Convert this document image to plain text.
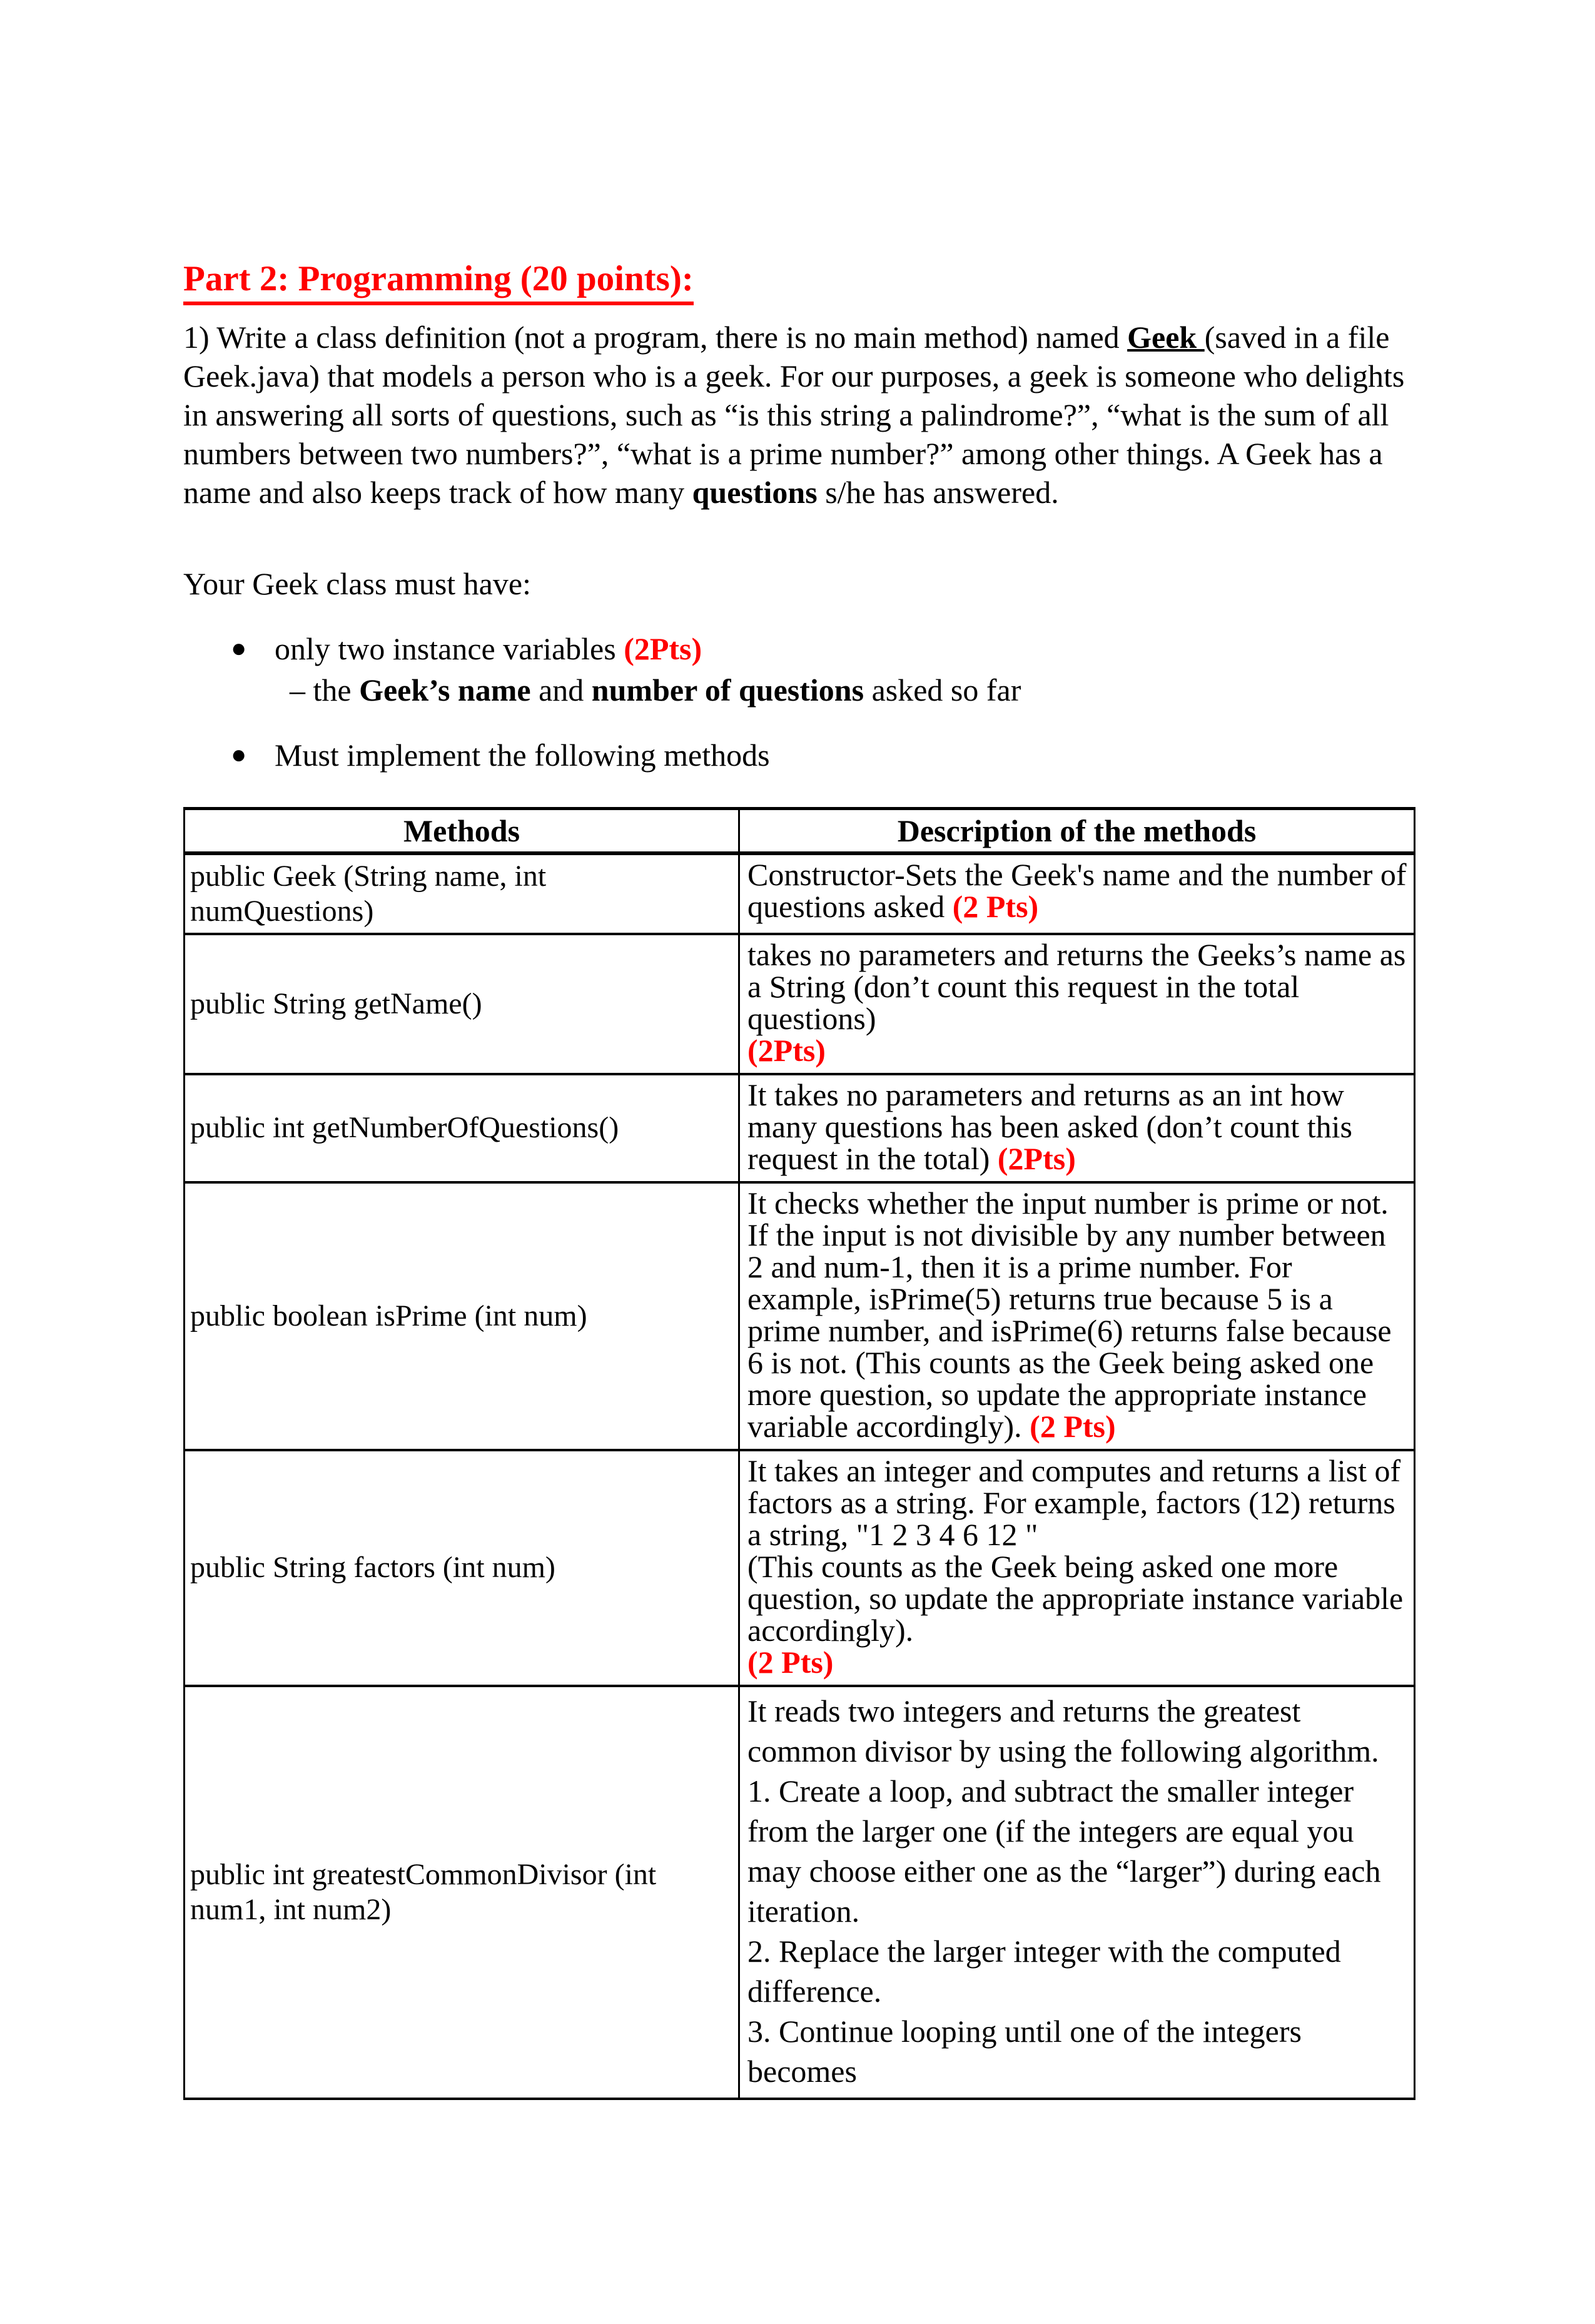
Part 2: Programming (20 points):

1) Write a class definition (not a program, there is no main method) named Geek (saved in a file Geek.java) that models a person who is a geek. For our purposes, a geek is someone who delights in answering all sorts of questions, such as “is this string a palindrome?”, “what is the sum of all numbers between two numbers?”, “what is a prime number?” among other things. A Geek has a name and also keeps track of how many questions s/he has answered.

Your Geek class must have:

● only two instance variables (2Pts)
– the Geek’s name and number of questions asked so far
● Must implement the following methods
Methods	Description of the methods
public Geek (String name, int numQuestions)	Constructor-Sets the Geek's name and the number of questions asked (2 Pts)
public String getName()	takes no parameters and returns the Geeks’s name as a String (don’t count this request in the total questions)
(2Pts)
public int getNumberOfQuestions()	It takes no parameters and returns as an int how many questions has been asked (don’t count this request in the total) (2Pts)
public boolean isPrime (int num)	It checks whether the input number is prime or not. If the input is not divisible by any number between 2 and num-1, then it is a prime number. For example, isPrime(5) returns true because 5 is a prime number, and isPrime(6) returns false because 6 is not. (This counts as the Geek being asked one more question, so update the appropriate instance variable accordingly). (2 Pts)
public String factors (int num)	It takes an integer and computes and returns a list of factors as a string. For example, factors (12) returns a string, "1 2 3 4 6 12 "
(This counts as the Geek being asked one more question, so update the appropriate instance variable accordingly).
(2 Pts)
public int greatestCommonDivisor (int num1, int num2)	It reads two integers and returns the greatest common divisor by using the following algorithm.
1. Create a loop, and subtract the smaller integer from the larger one (if the integers are equal you may choose either one as the “larger”) during each iteration.
2. Replace the larger integer with the computed difference.
3. Continue looping until one of the integers becomes
